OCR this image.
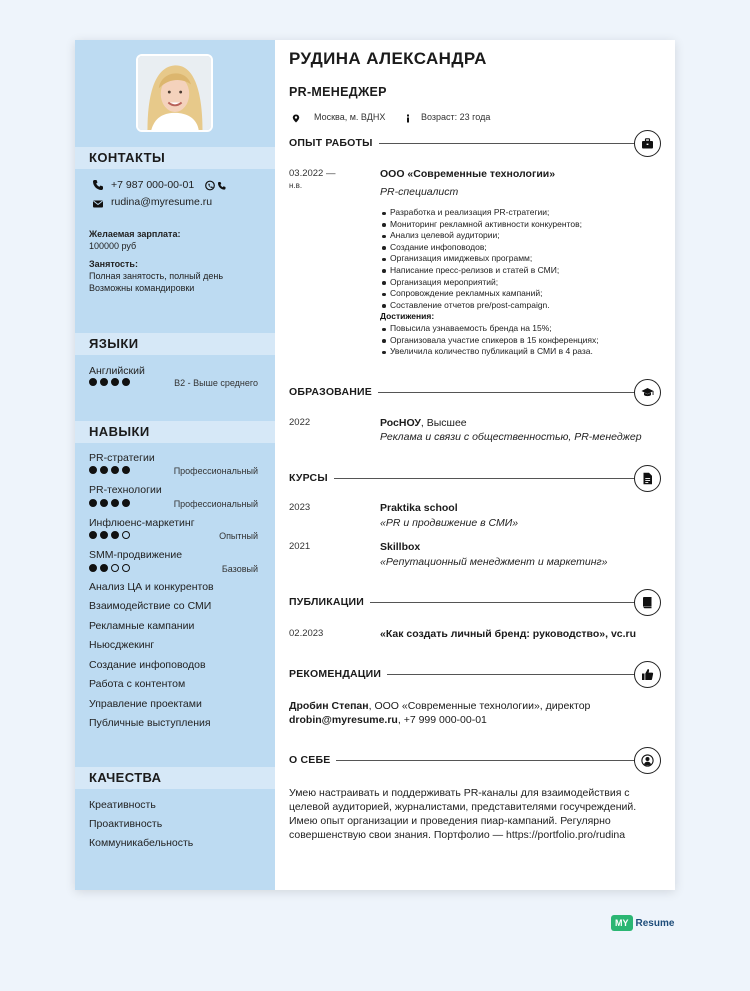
КОНТАКТЫ
+7 987 000-00-01
rudina@myresume.ru
Желаемая зарплата:
100000 руб
Занятость:
Полная занятость, полный день
Возможны командировки
ЯЗЫКИ
Английский
B2 - Выше среднего
НАВЫКИ
PR-стратегии
Профессиональный
PR-технологии
Профессиональный
Инфлюенс-маркетинг
Опытный
SMM-продвижение
Базовый
Анализ ЦА и конкурентов
Взаимодействие со СМИ
Рекламные кампании
Ньюсджекинг
Создание инфоповодов
Работа с контентом
Управление проектами
Публичные выступления
КАЧЕСТВА
Креативность
Проактивность
Коммуникабельность
РУДИНА АЛЕКСАНДРА
PR-МЕНЕДЖЕР
Москва, м. ВДНХ	Возраст: 23 года
ОПЫТ РАБОТЫ
03.2022 —
н.в.
ООО «Современные технологии»
PR-специалист
Разработка и реализация PR-стратегии;
Мониторинг рекламной активности конкурентов;
Анализ целевой аудитории;
Создание инфоповодов;
Организация имиджевых программ;
Написание пресс-релизов и статей в СМИ;
Организация мероприятий;
Сопровождение рекламных кампаний;
Составление отчетов pre/post-campaign.
Достижения:
Повысила узнаваемость бренда на 15%;
Организовала участие спикеров в 15 конференциях;
Увеличила количество публикаций в СМИ в 4 раза.
ОБРАЗОВАНИЕ
2022	РосНОУ, Высшее
Реклама и связи с общественностью, PR-менеджер
КУРСЫ
2023	Praktika school
«PR и продвижение в СМИ»
2021	Skillbox
«Репутационный менеджмент и маркетинг»
ПУБЛИКАЦИИ
02.2023	«Как создать личный бренд: руководство», vc.ru
РЕКОМЕНДАЦИИ
Дробин Степан, ООО «Современные технологии», директор
drobin@myresume.ru, +7 999 000-00-01
О СЕБЕ
Умею настраивать и поддерживать PR-каналы для взаимодействия с целевой аудиторией, журналистами, представителями госучреждений. Имею опыт организации и проведения пиар-кампаний. Регулярно совершенствую свои знания. Портфолио — https://portfolio.pro/rudina
MY Resume
